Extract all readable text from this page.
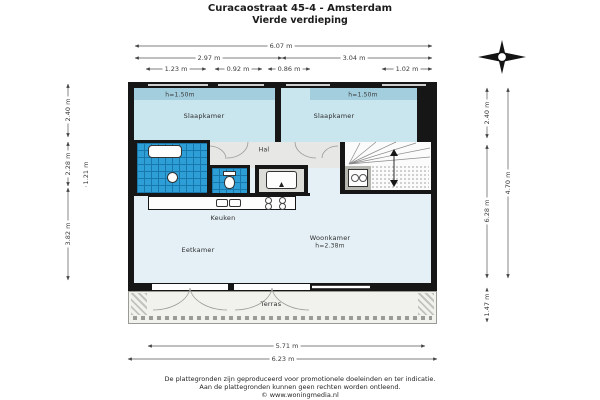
Curacaostraat 45-4 - Amsterdam
Vierde verdieping
h=1.50m
Slaapkamer
h=1.50m
Slaapkamer
Hal
Keuken
Eetkamer
Woonkamer
h=2.38m
Terras
6.07 m
2.97 m	3.04 m
1.23 m	0.92 m	0.86 m	1.02 m
5.71 m
6.23 m
2.40 m
2.28 m 1.21 m
3.82 m
2.40 m
6.28 m
1.47 m
4.70 m
De plattegronden zijn geproduceerd voor promotionele doeleinden en ter indicatie.
Aan de plattegronden kunnen geen rechten worden ontleend.
© www.woningmedia.nl
